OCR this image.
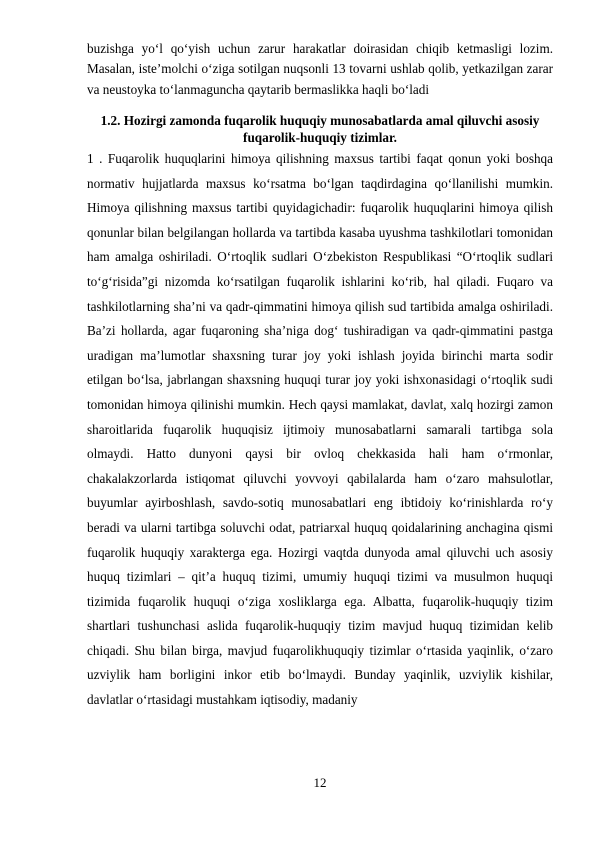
buzishga yo‘l qo‘yish uchun zarur harakatlar doirasidan chiqib ketmasligi lozim. Masalan, iste’molchi o‘ziga sotilgan nuqsonli 13 tovarni ushlab qolib, yetkazilgan zarar va neustoyka to‘lanmaguncha qaytarib bermaslikka haqli bo‘ladi
1.2. Hozirgi zamonda fuqarolik huquqiy munosabatlarda amal qiluvchi asosiy fuqarolik-huquqiy tizimlar.
1 . Fuqarolik huquqlarini himoya qilishning maxsus tartibi faqat qonun yoki boshqa normativ hujjatlarda maxsus ko‘rsatma bo‘lgan taqdirdagina qo‘llanilishi mumkin. Himoya qilishning maxsus tartibi quyidagichadir: fuqarolik huquqlarini himoya qilish qonunlar bilan belgilangan hollarda va tartibda kasaba uyushma tashkilotlari tomonidan ham amalga oshiriladi. O‘rtoqlik sudlari O‘zbekiston Respublikasi “O‘rtoqlik sudlari to‘g‘risida”gi nizomda ko‘rsatilgan fuqarolik ishlarini ko‘rib, hal qiladi. Fuqaro va tashkilotlarning sha’ni va qadr-qimmatini himoya qilish sud tartibida amalga oshiriladi. Ba’zi hollarda, agar fuqaroning sha’niga dog‘ tushiradigan va qadr-qimmatini pastga uradigan ma’lumotlar shaxsning turar joy yoki ishlash joyida birinchi marta sodir etilgan bo‘lsa, jabrlangan shaxsning huquqi turar joy yoki ishxonasidagi o‘rtoqlik sudi tomonidan himoya qilinishi mumkin. Hech qaysi mamlakat, davlat, xalq hozirgi zamon sharoitlarida fuqarolik huquqisiz ijtimoiy munosabatlarni samarali tartibga sola olmaydi. Hatto dunyoni qaysi bir ovloq chekkasida hali ham o‘rmonlar, chakalakzorlarda istiqomat qiluvchi yovvoyi qabilalarda ham o‘zaro mahsulotlar, buyumlar ayirboshlash, savdo-sotiq munosabatlari eng ibtidoiy ko‘rinishlarda ro‘y beradi va ularni tartibga soluvchi odat, patriarxal huquq qoidalarining anchagina qismi fuqarolik huquqiy xarakterga ega. Hozirgi vaqtda dunyoda amal qiluvchi uch asosiy huquq tizimlari – qit’a huquq tizimi, umumiy huquqi tizimi va musulmon huquqi tizimida fuqarolik huquqi o‘ziga xosliklarga ega. Albatta, fuqarolik-huquqiy tizim shartlari tushunchasi aslida fuqarolik-huquqiy tizim mavjud huquq tizimidan kelib chiqadi. Shu bilan birga, mavjud fuqarolikhuquqiy tizimlar o‘rtasida yaqinlik, o‘zaro uzviylik ham borligini inkor etib bo‘lmaydi. Bunday yaqinlik, uzviylik kishilar, davlatlar o‘rtasidagi mustahkam iqtisodiy, madaniy
12
